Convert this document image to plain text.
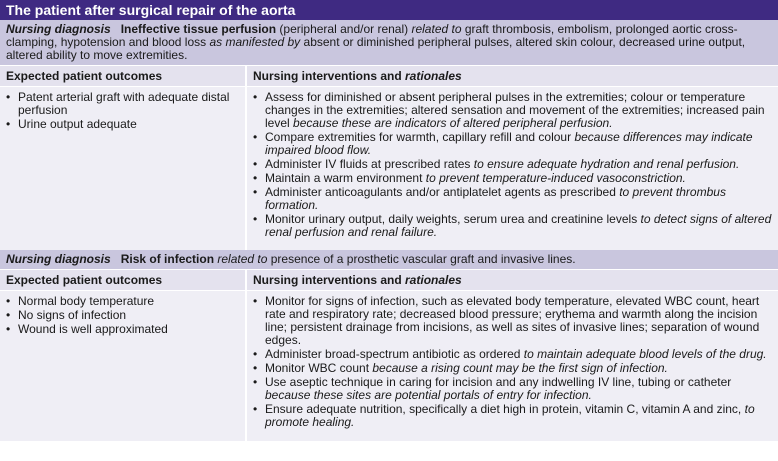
The patient after surgical repair of the aorta
Nursing diagnosis Ineffective tissue perfusion (peripheral and/or renal) related to graft thrombosis, embolism, prolonged aortic cross-clamping, hypotension and blood loss as manifested by absent or diminished peripheral pulses, altered skin colour, decreased urine output, altered ability to move extremities.
Expected patient outcomes	Nursing interventions and rationales
• Patent arterial graft with adequate distal perfusion
• Urine output adequate
• Assess for diminished or absent peripheral pulses in the extremities; colour or temperature changes in the extremities; altered sensation and movement of the extremities; increased pain level because these are indicators of altered peripheral perfusion.
• Compare extremities for warmth, capillary refill and colour because differences may indicate impaired blood flow.
• Administer IV fluids at prescribed rates to ensure adequate hydration and renal perfusion.
• Maintain a warm environment to prevent temperature-induced vasoconstriction.
• Administer anticoagulants and/or antiplatelet agents as prescribed to prevent thrombus formation.
• Monitor urinary output, daily weights, serum urea and creatinine levels to detect signs of altered renal perfusion and renal failure.
Nursing diagnosis Risk of infection related to presence of a prosthetic vascular graft and invasive lines.
Expected patient outcomes	Nursing interventions and rationales
• Normal body temperature
• No signs of infection
• Wound is well approximated
• Monitor for signs of infection, such as elevated body temperature, elevated WBC count, heart rate and respiratory rate; decreased blood pressure; erythema and warmth along the incision line; persistent drainage from incisions, as well as sites of invasive lines; separation of wound edges.
• Administer broad-spectrum antibiotic as ordered to maintain adequate blood levels of the drug.
• Monitor WBC count because a rising count may be the first sign of infection.
• Use aseptic technique in caring for incision and any indwelling IV line, tubing or catheter because these sites are potential portals of entry for infection.
• Ensure adequate nutrition, specifically a diet high in protein, vitamin C, vitamin A and zinc, to promote healing.
